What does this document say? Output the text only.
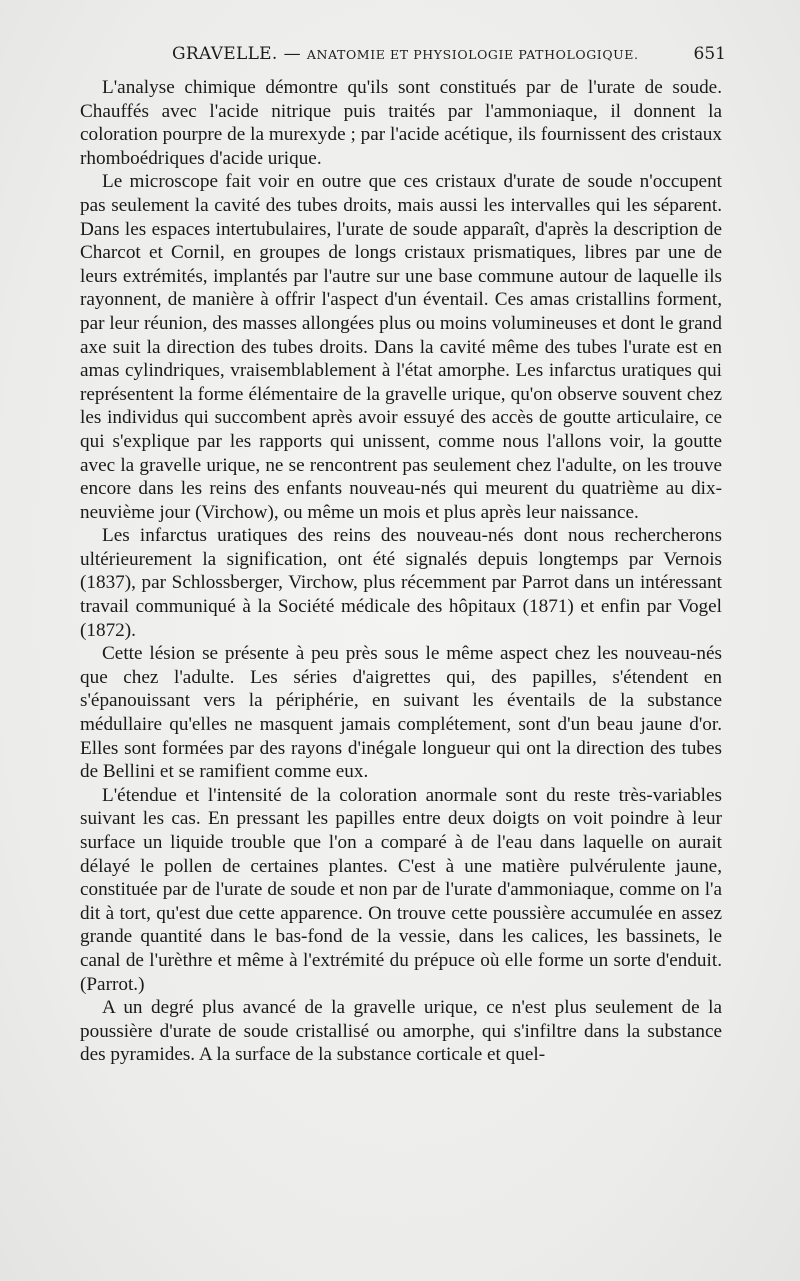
GRAVELLE. — ANATOMIE ET PHYSIOLOGIE PATHOLOGIQUE.	651

L'analyse chimique démontre qu'ils sont constitués par de l'urate de soude. Chauffés avec l'acide nitrique puis traités par l'ammoniaque, il donnent la coloration pourpre de la murexyde ; par l'acide acétique, ils fournissent des cristaux rhomboédriques d'acide urique.

Le microscope fait voir en outre que ces cristaux d'urate de soude n'occupent pas seulement la cavité des tubes droits, mais aussi les intervalles qui les séparent. Dans les espaces intertubulaires, l'urate de soude apparaît, d'après la description de Charcot et Cornil, en groupes de longs cristaux prismatiques, libres par une de leurs extrémités, implantés par l'autre sur une base commune autour de laquelle ils rayonnent, de manière à offrir l'aspect d'un éventail. Ces amas cristallins forment, par leur réunion, des masses allongées plus ou moins volumineuses et dont le grand axe suit la direction des tubes droits. Dans la cavité même des tubes l'urate est en amas cylindriques, vraisemblablement à l'état amorphe. Les infarctus uratiques qui représentent la forme élémentaire de la gravelle urique, qu'on observe souvent chez les individus qui succombent après avoir essuyé des accès de goutte articulaire, ce qui s'explique par les rapports qui unissent, comme nous l'allons voir, la goutte avec la gravelle urique, ne se rencontrent pas seulement chez l'adulte, on les trouve encore dans les reins des enfants nouveau-nés qui meurent du quatrième au dix-neuvième jour (Virchow), ou même un mois et plus après leur naissance.

Les infarctus uratiques des reins des nouveau-nés dont nous rechercherons ultérieurement la signification, ont été signalés depuis longtemps par Vernois (1837), par Schlossberger, Virchow, plus récemment par Parrot dans un intéressant travail communiqué à la Société médicale des hôpitaux (1871) et enfin par Vogel (1872).

Cette lésion se présente à peu près sous le même aspect chez les nouveau-nés que chez l'adulte. Les séries d'aigrettes qui, des papilles, s'étendent en s'épanouissant vers la périphérie, en suivant les éventails de la substance médullaire qu'elles ne masquent jamais complétement, sont d'un beau jaune d'or. Elles sont formées par des rayons d'inégale longueur qui ont la direction des tubes de Bellini et se ramifient comme eux.

L'étendue et l'intensité de la coloration anormale sont du reste très-variables suivant les cas. En pressant les papilles entre deux doigts on voit poindre à leur surface un liquide trouble que l'on a comparé à de l'eau dans laquelle on aurait délayé le pollen de certaines plantes. C'est à une matière pulvérulente jaune, constituée par de l'urate de soude et non par de l'urate d'ammoniaque, comme on l'a dit à tort, qu'est due cette apparence. On trouve cette poussière accumulée en assez grande quantité dans le bas-fond de la vessie, dans les calices, les bassinets, le canal de l'urèthre et même à l'extrémité du prépuce où elle forme un sorte d'enduit. (Parrot.)

A un degré plus avancé de la gravelle urique, ce n'est plus seulement de la poussière d'urate de soude cristallisé ou amorphe, qui s'infiltre dans la substance des pyramides. A la surface de la substance corticale et quel-
